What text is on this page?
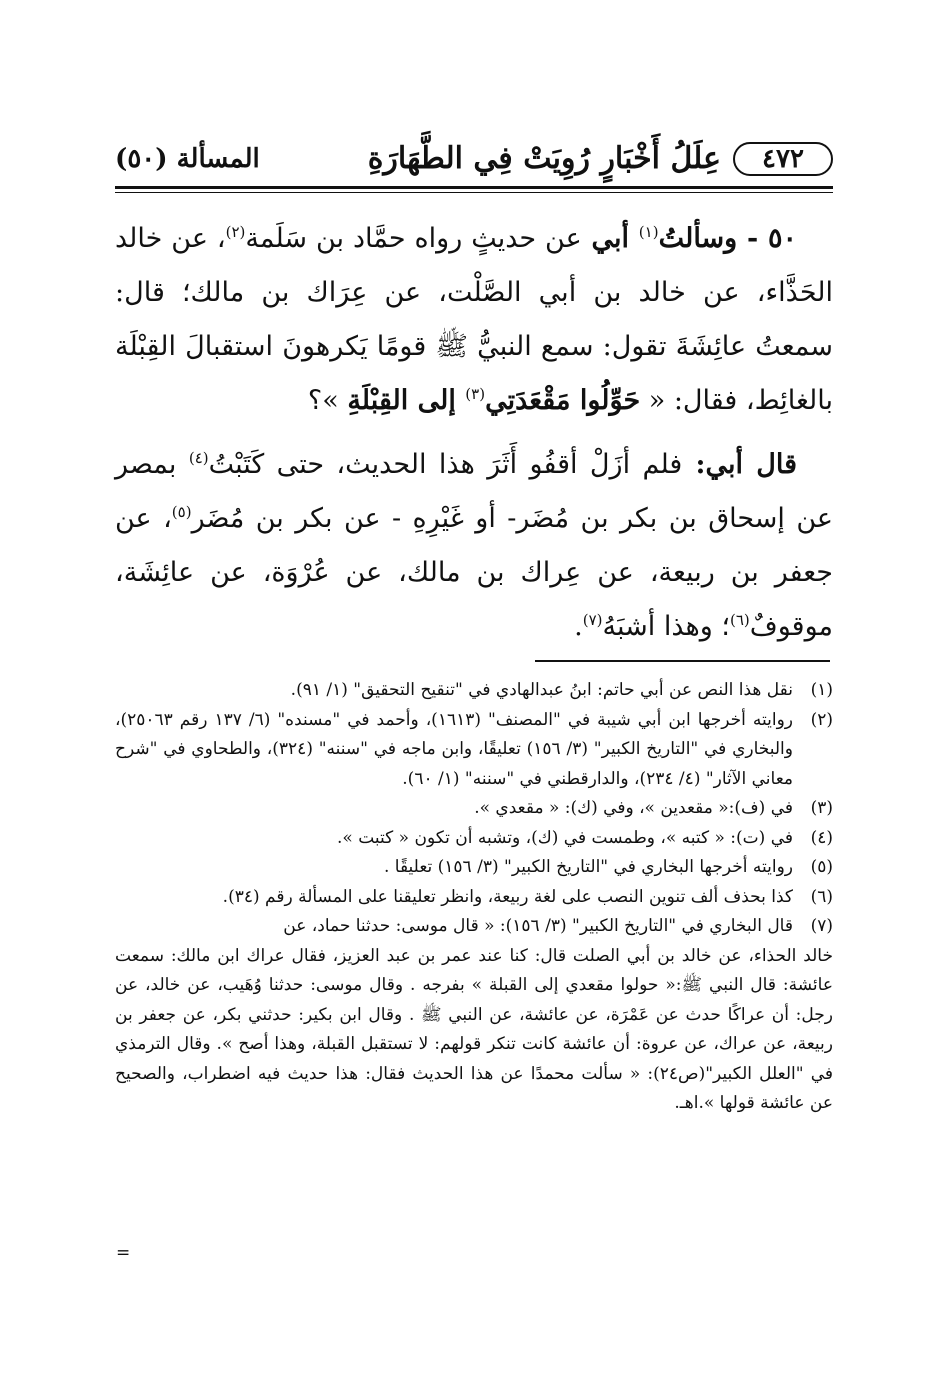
٤٧٢
عِلَلُ أَخْبَارٍ رُوِيَتْ فِي الطَّهَارَةِ
المسألة (٥٠)

٥٠ - وسألتُ$^{(١)}$ أبي عن حديثٍ رواه حمَّاد بن سَلَمة$^{(٢)}$، عن خالد الحَذَّاء، عن خالد بن أبي الصَّلْت، عن عِرَاك بن مالك؛ قال: سمعتُ عائِشَةَ تقول: سمع النبيُّ ﷺ قومًا يَكرهونَ استقبالَ القِبْلَة بالغائِط، فقال: « حَوِّلُوا مَقْعَدَتِي$^{(٣)}$ إلى القِبْلَةِ »؟

قال أبي: فلم أزَلْ أقفُو أَثَرَ هذا الحديث، حتى كَتَبْتُ$^{(٤)}$ بمصر عن إسحاق بن بكر بن مُضَر- أو غَيْرِهِ - عن بكر بن مُضَر$^{(٥)}$، عن جعفر بن ربيعة، عن عِراك بن مالك، عن عُرْوَة، عن عائِشَة، موقوفٌ$^{(٦)}$؛ وهذا أشبَهُ$^{(٧)}$.

(١)
نقل هذا النص عن أبي حاتم: ابنُ عبدالهادي في "تنقيح التحقيق" (١/ ٩١).
(٢)
روايته أخرجها ابن أبي شيبة في "المصنف" (١٦١٣)، وأحمد في "مسنده" (٦/ ١٣٧ رقم ٢٥٠٦٣)، والبخاري في "التاريخ الكبير" (٣/ ١٥٦) تعليقًا، وابن ماجه في "سننه" (٣٢٤)، والطحاوي في "شرح معاني الآثار" (٤/ ٢٣٤)، والدارقطني في "سننه" (١/ ٦٠).
(٣)
في (ف):« مقعدين »، وفي (ك): « مقعدي ».
(٤)
في (ت): « كتبه »، وطمست في (ك)، وتشبه أن تكون « كتبت ».
(٥)
روايته أخرجها البخاري في "التاريخ الكبير" (٣/ ١٥٦) تعليقًا .
(٦)
كذا بحذف ألف تنوين النصب على لغة ربيعة، وانظر تعليقنا على المسألة رقم (٣٤).
(٧)
قال البخاري في "التاريخ الكبير" (٣/ ١٥٦): « قال موسى: حدثنا حماد، عن
خالد الحذاء، عن خالد بن أبي الصلت قال: كنا عند عمر بن عبد العزيز، فقال عراك ابن مالك: سمعت عائشة: قال النبي ﷺ:« حولوا مقعدي إلى القبلة » بفرجه . وقال موسى: حدثنا وُهَيب، عن خالد، عن رجل: أن عراكًا حدث عن عَمْرَة، عن عائشة، عن النبي ﷺ . وقال ابن بكير: حدثني بكر، عن جعفر بن ربيعة، عن عراك، عن عروة: أن عائشة كانت تنكر قولهم: لا تستقبل القبلة، وهذا أصح ». وقال الترمذي في "العلل الكبير"(ص٢٤): « سألت محمدًا عن هذا الحديث فقال: هذا حديث فيه اضطراب، والصحيح عن عائشة قولها ».اهـ.
=
